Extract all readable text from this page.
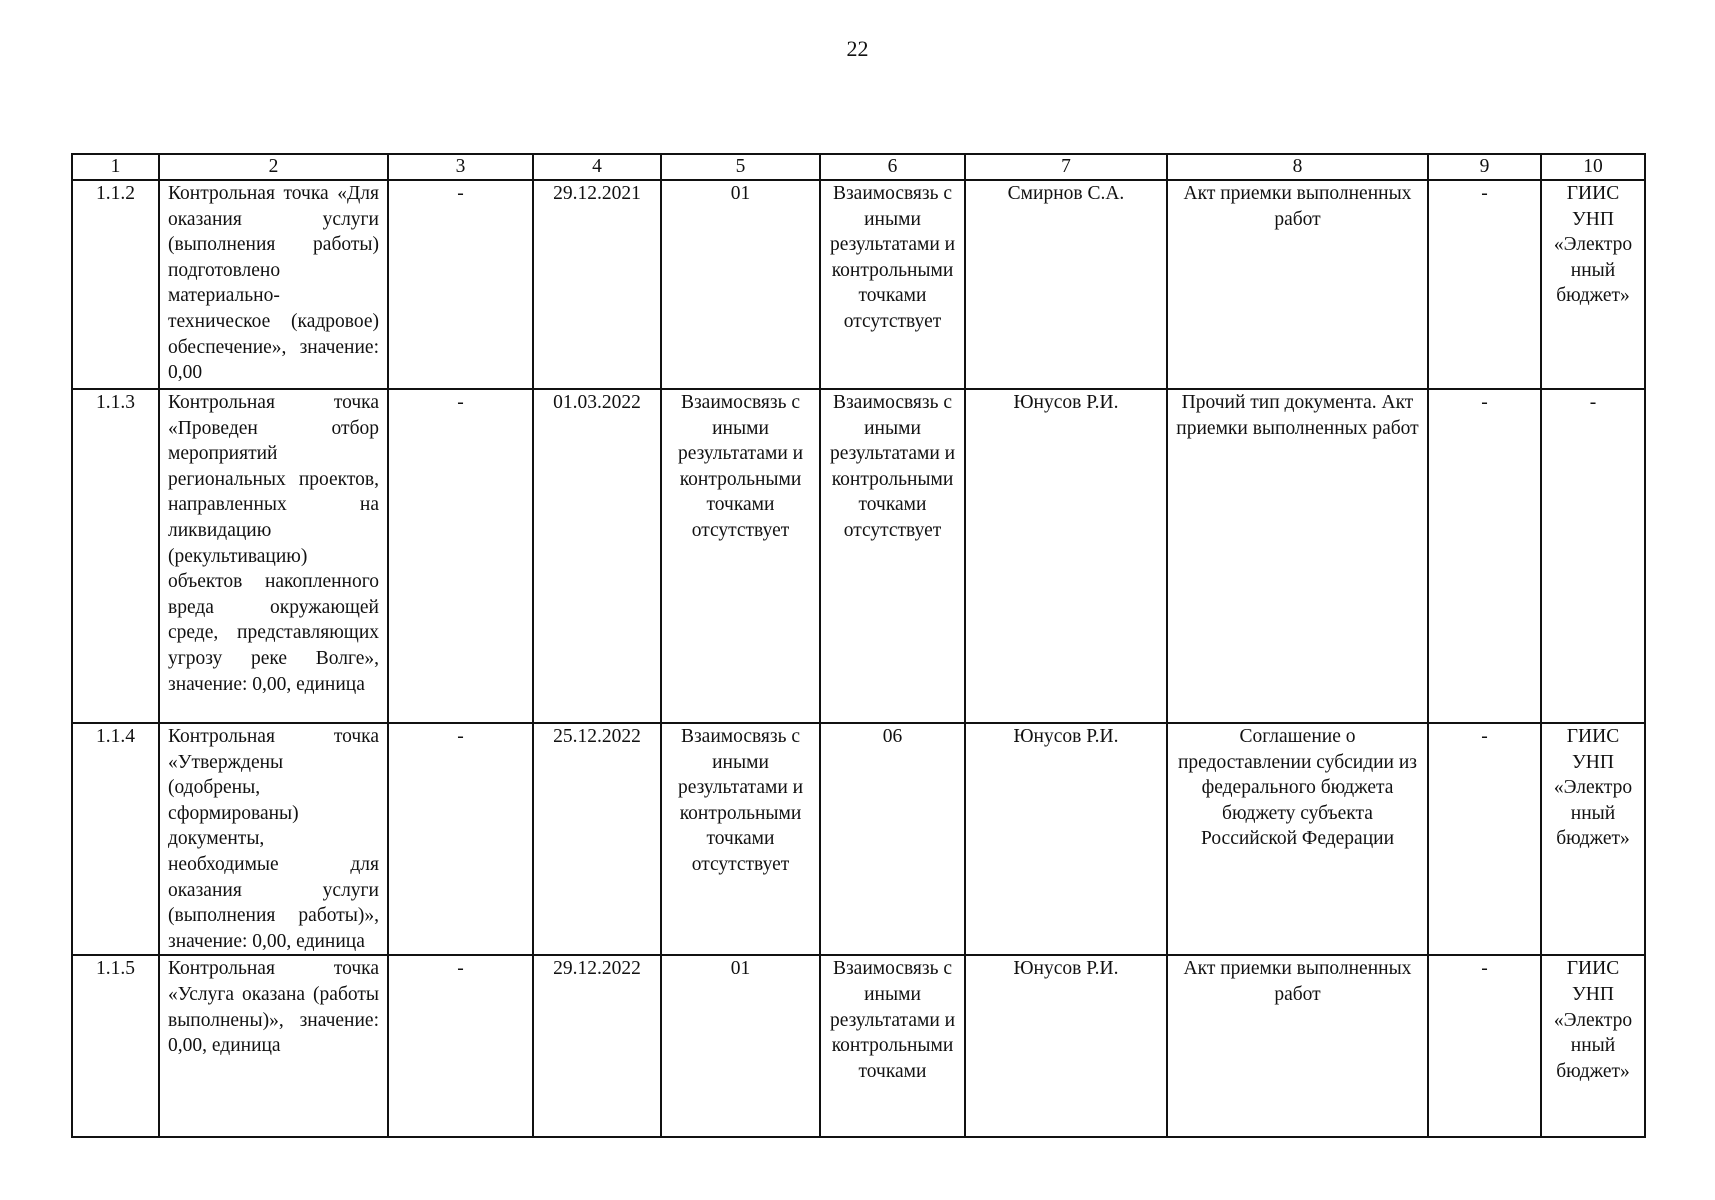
22
1	2	3	4	5	6	7	8	9	10
1.1.2	Контрольная точка «Для оказания услуги (выполнения работы) подготовлено материально-техническое (кадровое) обеспечение», значение: 0,00	-	29.12.2021	01	Взаимосвязь с иными результатами и контрольными точками отсутствует	Смирнов С.А.	Акт приемки выполненных работ	-	ГИИС УНП «Электронный бюджет»
1.1.3	Контрольная точка «Проведен отбор мероприятий региональных проектов, направленных на ликвидацию (рекультивацию) объектов накопленного вреда окружающей среде, представляющих угрозу реке Волге», значение: 0,00, единица	-	01.03.2022	Взаимосвязь с иными результатами и контрольными точками отсутствует	Взаимосвязь с иными результатами и контрольными точками отсутствует	Юнусов Р.И.	Прочий тип документа. Акт приемки выполненных работ	-	-
1.1.4	Контрольная точка «Утверждены (одобрены, сформированы) документы, необходимые для оказания услуги (выполнения работы)», значение: 0,00, единица	-	25.12.2022	Взаимосвязь с иными результатами и контрольными точками отсутствует	06	Юнусов Р.И.	Соглашение о предоставлении субсидии из федерального бюджета бюджету субъекта Российской Федерации	-	ГИИС УНП «Электронный бюджет»
1.1.5	Контрольная точка «Услуга оказана (работы выполнены)», значение: 0,00, единица	-	29.12.2022	01	Взаимосвязь с иными результатами и контрольными точками	Юнусов Р.И.	Акт приемки выполненных работ	-	ГИИС УНП «Электронный бюджет»
